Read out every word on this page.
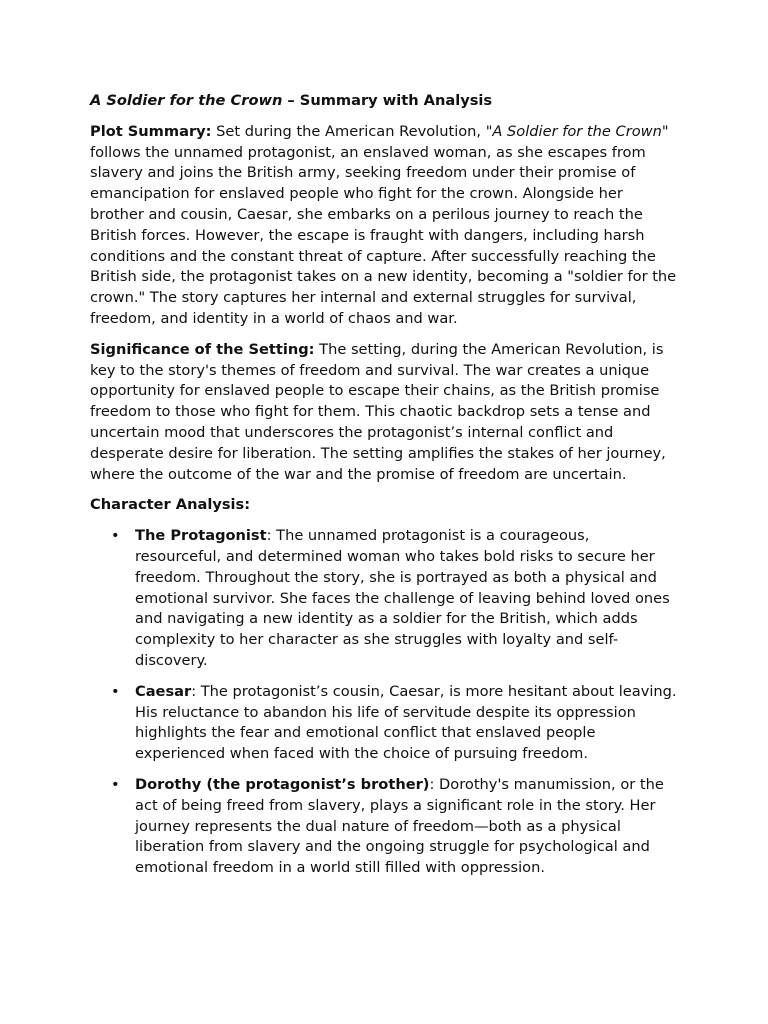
A Soldier for the Crown – Summary with Analysis

Plot Summary: Set during the American Revolution, "A Soldier for the Crown" follows the unnamed protagonist, an enslaved woman, as she escapes from slavery and joins the British army, seeking freedom under their promise of emancipation for enslaved people who fight for the crown. Alongside her brother and cousin, Caesar, she embarks on a perilous journey to reach the British forces. However, the escape is fraught with dangers, including harsh conditions and the constant threat of capture. After successfully reaching the British side, the protagonist takes on a new identity, becoming a "soldier for the crown." The story captures her internal and external struggles for survival, freedom, and identity in a world of chaos and war.

Significance of the Setting: The setting, during the American Revolution, is key to the story's themes of freedom and survival. The war creates a unique opportunity for enslaved people to escape their chains, as the British promise freedom to those who fight for them. This chaotic backdrop sets a tense and uncertain mood that underscores the protagonist’s internal conflict and desperate desire for liberation. The setting amplifies the stakes of her journey, where the outcome of the war and the promise of freedom are uncertain.

Character Analysis:

• The Protagonist: The unnamed protagonist is a courageous, resourceful, and determined woman who takes bold risks to secure her freedom. Throughout the story, she is portrayed as both a physical and emotional survivor. She faces the challenge of leaving behind loved ones and navigating a new identity as a soldier for the British, which adds complexity to her character as she struggles with loyalty and self-discovery.
• Caesar: The protagonist’s cousin, Caesar, is more hesitant about leaving. His reluctance to abandon his life of servitude despite its oppression highlights the fear and emotional conflict that enslaved people experienced when faced with the choice of pursuing freedom.
• Dorothy (the protagonist’s brother): Dorothy's manumission, or the act of being freed from slavery, plays a significant role in the story. Her journey represents the dual nature of freedom—both as a physical liberation from slavery and the ongoing struggle for psychological and emotional freedom in a world still filled with oppression.
